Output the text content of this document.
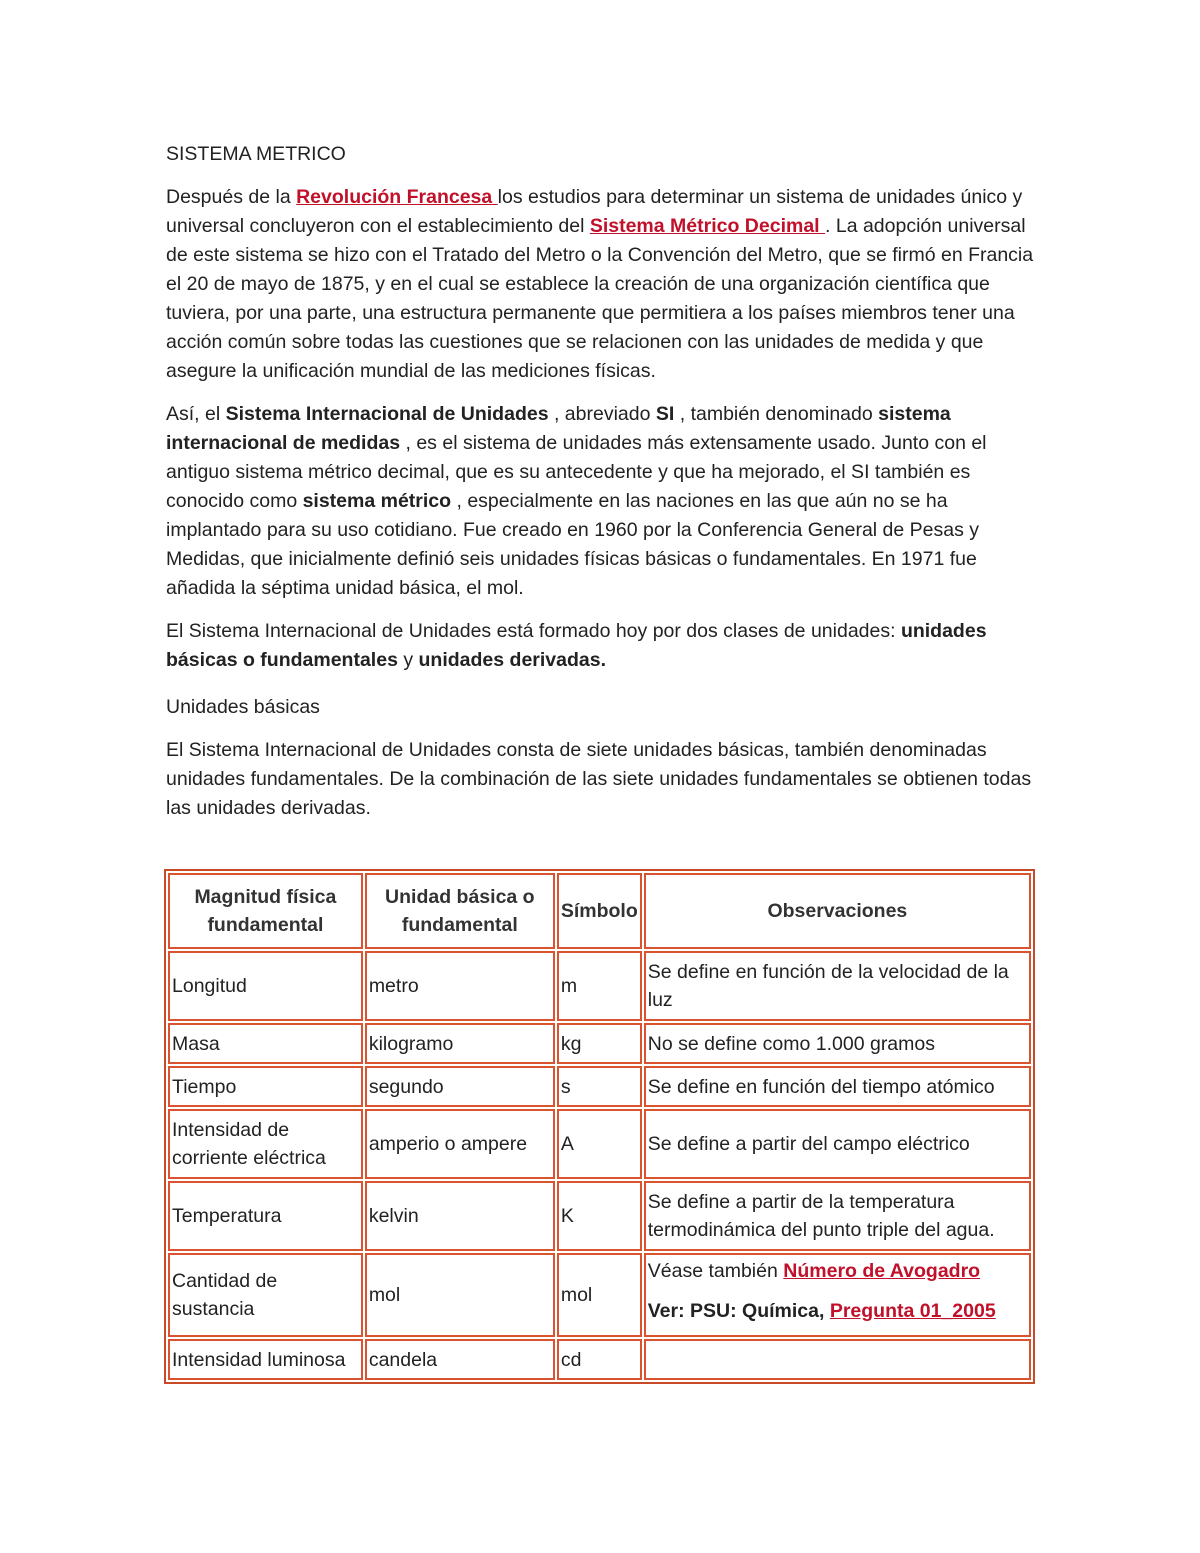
SISTEMA METRICO

Después de la Revolución Francesa los estudios para determinar un sistema de unidades único y universal concluyeron con el establecimiento del Sistema Métrico Decimal . La adopción universal de este sistema se hizo con el Tratado del Metro o la Convención del Metro, que se firmó en Francia el 20 de mayo de 1875, y en el cual se establece la creación de una organización científica que tuviera, por una parte, una estructura permanente que permitiera a los países miembros tener una acción común sobre todas las cuestiones que se relacionen con las unidades de medida y que asegure la unificación mundial de las mediciones físicas.

Así, el Sistema Internacional de Unidades , abreviado SI , también denominado sistema internacional de medidas , es el sistema de unidades más extensamente usado. Junto con el antiguo sistema métrico decimal, que es su antecedente y que ha mejorado, el SI también es conocido como sistema métrico , especialmente en las naciones en las que aún no se ha implantado para su uso cotidiano. Fue creado en 1960 por la Conferencia General de Pesas y Medidas, que inicialmente definió seis unidades físicas básicas o fundamentales. En 1971 fue añadida la séptima unidad básica, el mol.

El Sistema Internacional de Unidades está formado hoy por dos clases de unidades: unidades básicas o fundamentales y unidades derivadas.

Unidades básicas

El Sistema Internacional de Unidades consta de siete unidades básicas, también denominadas unidades fundamentales. De la combinación de las siete unidades fundamentales se obtienen todas las unidades derivadas.

Magnitud física fundamental	Unidad básica o fundamental	Símbolo	Observaciones
Longitud	metro	m	Se define en función de la velocidad de la luz
Masa	kilogramo	kg	No se define como 1.000 gramos
Tiempo	segundo	s	Se define en función del tiempo atómico
Intensidad de corriente eléctrica	amperio o ampere	A	Se define a partir del campo eléctrico
Temperatura	kelvin	K	Se define a partir de la temperatura termodinámica del punto triple del agua.
Cantidad de sustancia	mol	mol	Véase también Número de Avogadro
Ver: PSU: Química, Pregunta 01_2005

Intensidad luminosa	candela	cd	
